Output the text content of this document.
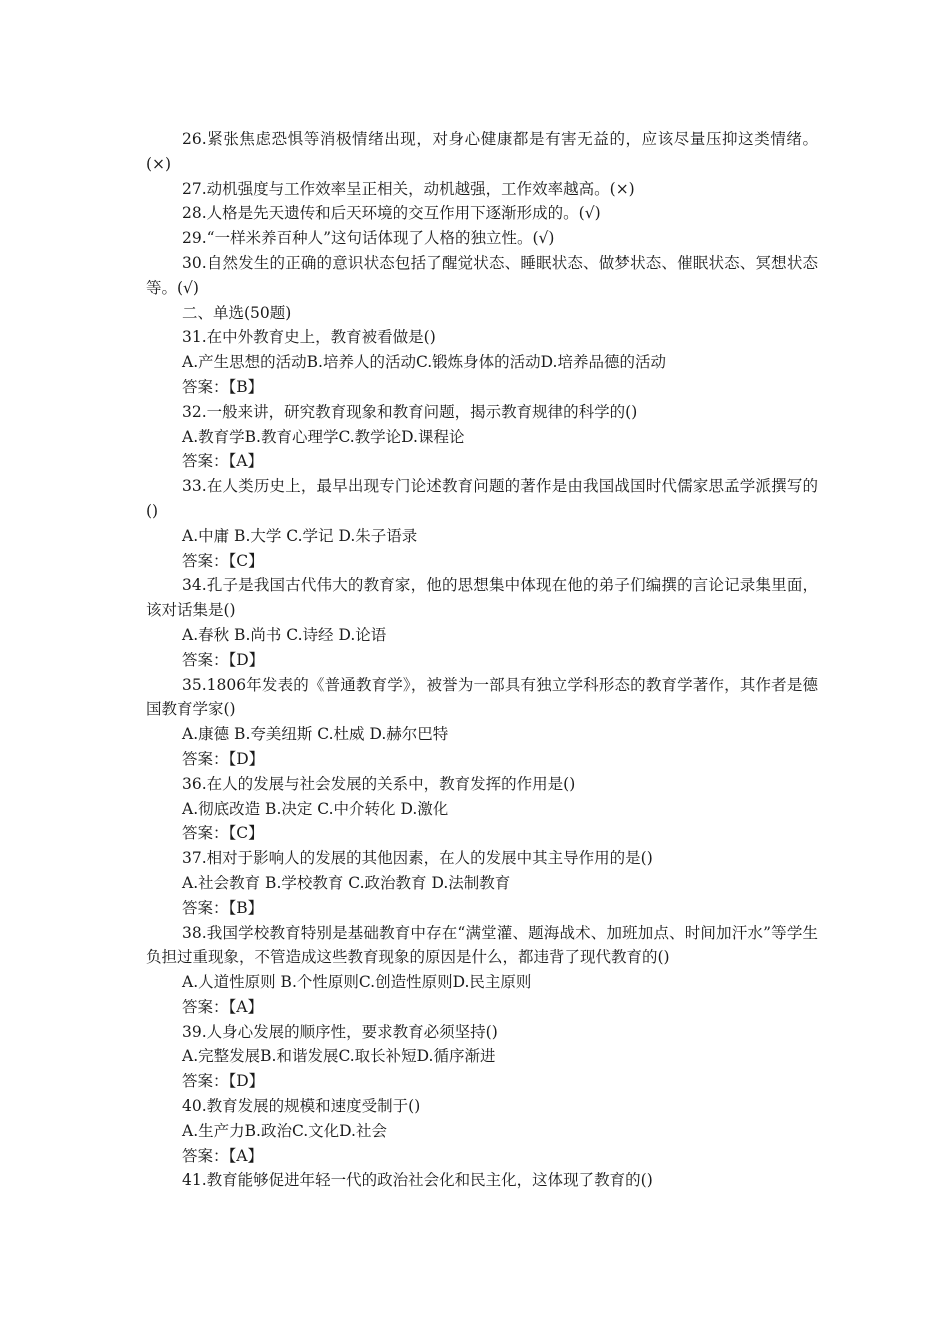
26.紧张焦虑恐惧等消极情绪出现，对身心健康都是有害无益的，应该尽量压抑这类情绪。(×)

27.动机强度与工作效率呈正相关，动机越强，工作效率越高。(×)

28.人格是先天遗传和后天环境的交互作用下逐渐形成的。(√)

29.“一样米养百种人”这句话体现了人格的独立性。(√)

30.自然发生的正确的意识状态包括了醒觉状态、睡眠状态、做梦状态、催眠状态、冥想状态等。(√)

二、单选(50题)

31.在中外教育史上，教育被看做是()

A.产生思想的活动B.培养人的活动C.锻炼身体的活动D.培养品德的活动

答案：【B】

32.一般来讲，研究教育现象和教育问题，揭示教育规律的科学的()

A.教育学B.教育心理学C.教学论D.课程论

答案：【A】

33.在人类历史上，最早出现专门论述教育问题的著作是由我国战国时代儒家思孟学派撰写的()

A.中庸 B.大学 C.学记 D.朱子语录

答案：【C】

34.孔子是我国古代伟大的教育家，他的思想集中体现在他的弟子们编撰的言论记录集里面，该对话集是()

A.春秋 B.尚书 C.诗经 D.论语

答案：【D】

35.1806年发表的《普通教育学》，被誉为一部具有独立学科形态的教育学著作，其作者是德国教育学家()

A.康德 B.夸美纽斯 C.杜威 D.赫尔巴特

答案：【D】

36.在人的发展与社会发展的关系中，教育发挥的作用是()

A.彻底改造 B.决定 C.中介转化 D.激化

答案：【C】

37.相对于影响人的发展的其他因素，在人的发展中其主导作用的是()

A.社会教育 B.学校教育 C.政治教育 D.法制教育

答案：【B】

38.我国学校教育特别是基础教育中存在“满堂灌、题海战术、加班加点、时间加汗水”等学生负担过重现象，不管造成这些教育现象的原因是什么，都违背了现代教育的()

A.人道性原则 B.个性原则C.创造性原则D.民主原则

答案：【A】

39.人身心发展的顺序性，要求教育必须坚持()

A.完整发展B.和谐发展C.取长补短D.循序渐进

答案：【D】

40.教育发展的规模和速度受制于()

A.生产力B.政治C.文化D.社会

答案：【A】

41.教育能够促进年轻一代的政治社会化和民主化，这体现了教育的()
